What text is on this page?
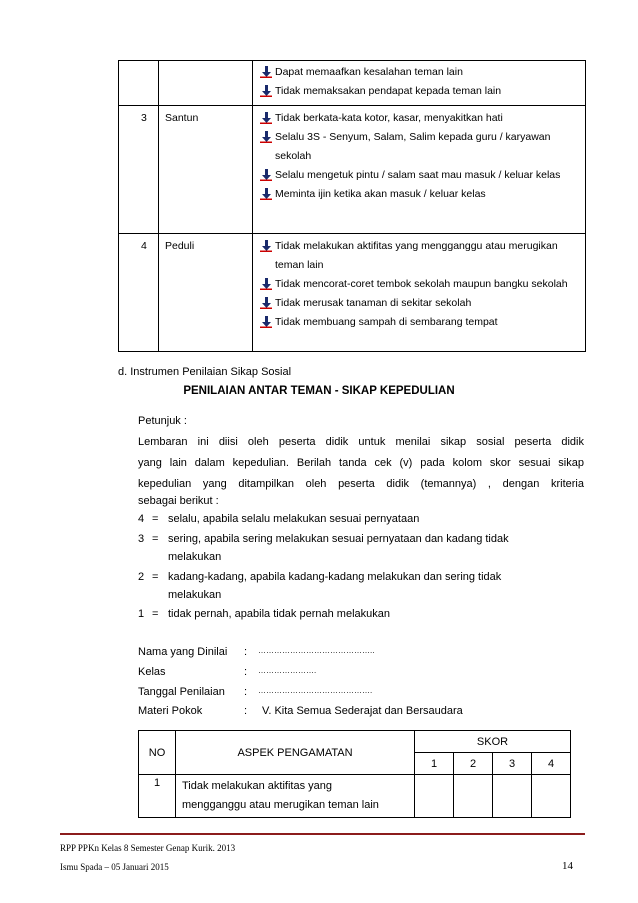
		Dapat memaafkan kesalahan teman lain
Tidak memaksakan pendapat kepada teman lain

3	Santun	Tidak berkata-kata kotor, kasar, menyakitkan hati
Selalu 3S - Senyum, Salam, Salim kepada guru / karyawan sekolah
Selalu mengetuk pintu / salam saat mau masuk / keluar kelas
Meminta ijin ketika akan masuk / keluar kelas

4	Peduli	Tidak melakukan aktifitas yang mengganggu atau merugikan teman lain
Tidak mencorat-coret tembok sekolah maupun bangku sekolah
Tidak merusak tanaman di sekitar sekolah
Tidak membuang sampah di sembarang tempat
d. Instrumen Penilaian Sikap Sosial
PENILAIAN ANTAR TEMAN - SIKAP KEPEDULIAN
Petunjuk :
Lembaran ini diisi oleh peserta didik untuk menilai sikap sosial peserta didik
yang lain dalam kepedulian. Berilah tanda cek (v) pada kolom skor sesuai sikap
kepedulian yang ditampilkan oleh peserta didik (temannya) , dengan kriteria
sebagai berikut :
4 = selalu, apabila selalu melakukan sesuai pernyataan
3 = sering, apabila sering melakukan sesuai pernyataan dan kadang tidak
melakukan
2 = kadang-kadang, apabila kadang-kadang melakukan dan sering tidak
melakukan
1 = tidak pernah, apabila tidak pernah melakukan
Nama yang Dinilai : ……………………………………..
Kelas	: ………………….
Tanggal Penilaian : …………………………………….
Materi Pokok	: V. Kita Semua Sederajat dan Bersaudara
NO	ASPEK PENGAMATAN	SKOR			
		1	2	3	4
1	Tidak melakukan aktifitas yang
mengganggu atau merugikan teman lain				

RPP PPKn Kelas 8 Semester Genap Kurik. 2013
Ismu Spada – 05 Januari 2015	14
